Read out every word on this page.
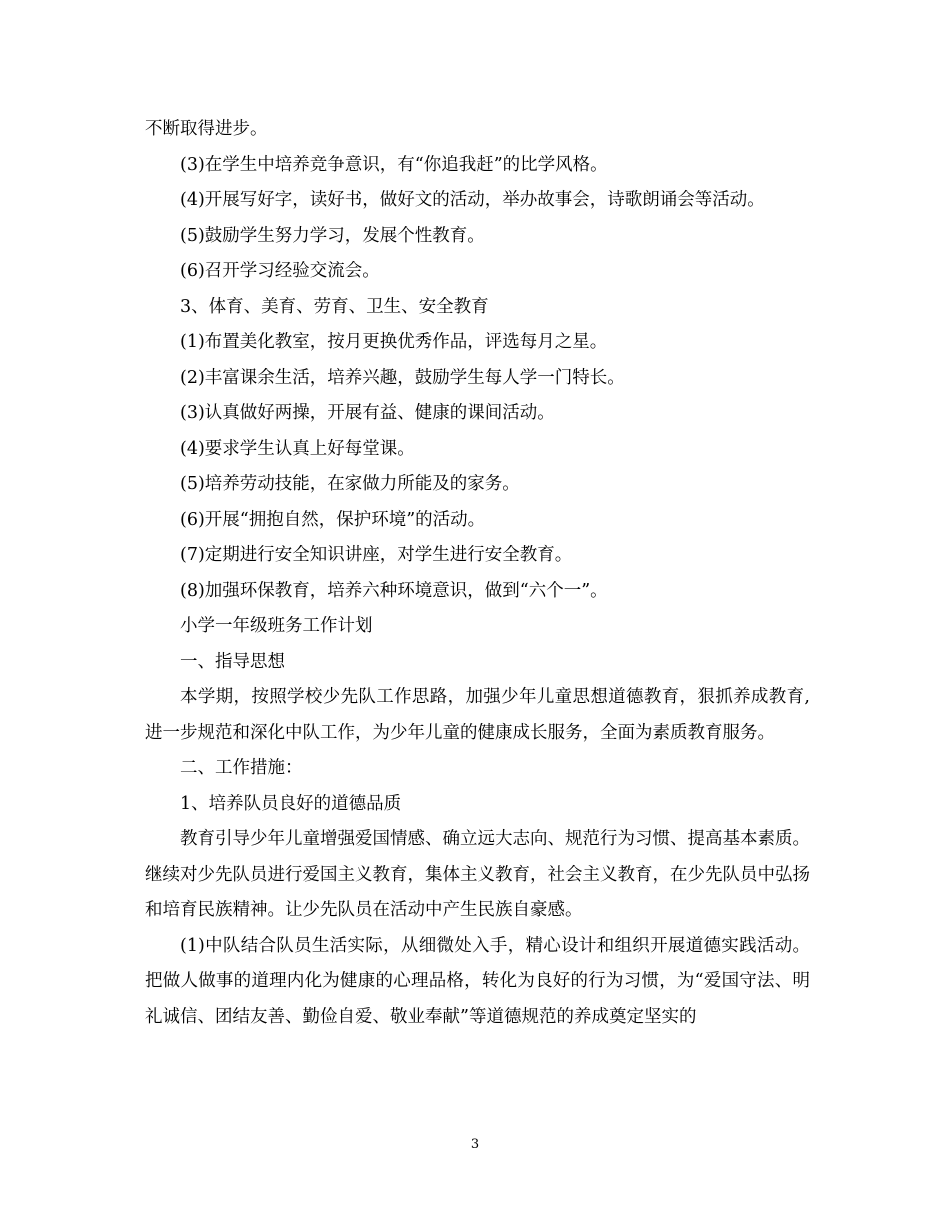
不断取得进步。

(3)在学生中培养竞争意识，有“你追我赶”的比学风格。

(4)开展写好字，读好书，做好文的活动，举办故事会，诗歌朗诵会等活动。

(5)鼓励学生努力学习，发展个性教育。

(6)召开学习经验交流会。

3、体育、美育、劳育、卫生、安全教育

(1)布置美化教室，按月更换优秀作品，评选每月之星。

(2)丰富课余生活，培养兴趣，鼓励学生每人学一门特长。

(3)认真做好两操，开展有益、健康的课间活动。

(4)要求学生认真上好每堂课。

(5)培养劳动技能，在家做力所能及的家务。

(6)开展“拥抱自然，保护环境”的活动。

(7)定期进行安全知识讲座，对学生进行安全教育。

(8)加强环保教育，培养六种环境意识，做到“六个一”。

小学一年级班务工作计划

一、指导思想

本学期，按照学校少先队工作思路，加强少年儿童思想道德教育，狠抓养成教育,进一步规范和深化中队工作，为少年儿童的健康成长服务，全面为素质教育服务。

二、工作措施：

1、培养队员良好的道德品质

教育引导少年儿童增强爱国情感、确立远大志向、规范行为习惯、提高基本素质。继续对少先队员进行爱国主义教育，集体主义教育，社会主义教育，在少先队员中弘扬和培育民族精神。让少先队员在活动中产生民族自豪感。

(1)中队结合队员生活实际，从细微处入手，精心设计和组织开展道德实践活动。把做人做事的道理内化为健康的心理品格，转化为良好的行为习惯，为“爱国守法、明礼诚信、团结友善、勤俭自爱、敬业奉献”等道德规范的养成奠定坚实的

3
